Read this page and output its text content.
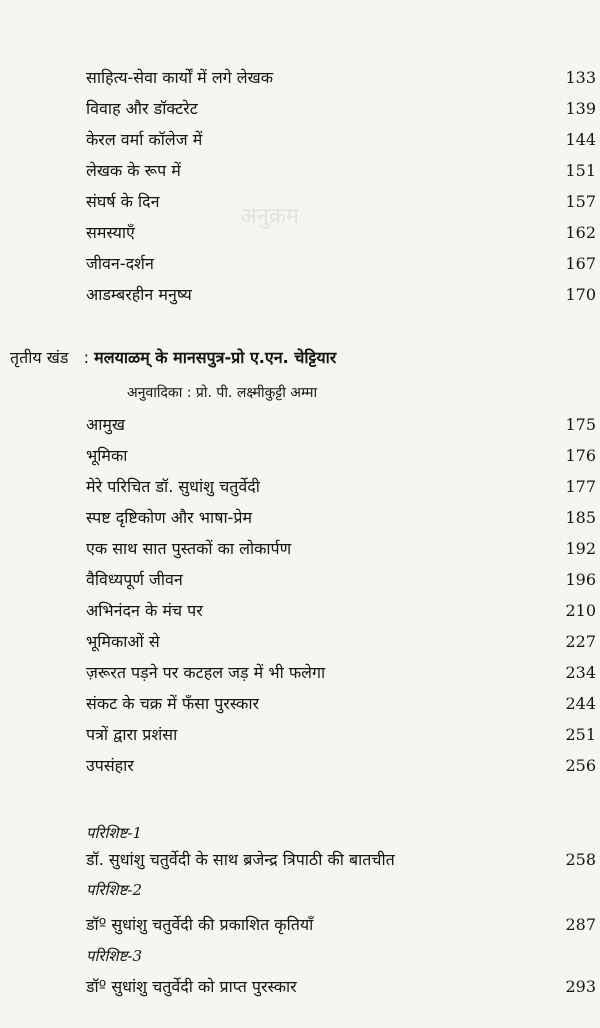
अनुक्रम
साहित्य-सेवा कार्यों में लगे लेखक	133
विवाह और डॉक्टरेट	139
केरल वर्मा कॉलेज में	144
लेखक के रूप में	151
संघर्ष के दिन	157
समस्याएँ	162
जीवन-दर्शन	167
आडम्बरहीन मनुष्य	170
तृतीय खंड : मलयाळम् के मानसपुत्र-प्रो ए.एन. चेट्टियार
अनुवादिका : प्रो. पी. लक्ष्मीकुट्टी अम्मा
आमुख	175
भूमिका	176
मेरे परिचित डॉ. सुधांशु चतुर्वेदी	177
स्पष्ट दृष्टिकोण और भाषा-प्रेम	185
एक साथ सात पुस्तकों का लोकार्पण	192
वैविध्यपूर्ण जीवन	196
अभिनंदन के मंच पर	210
भूमिकाओं से	227
ज़रूरत पड़ने पर कटहल जड़ में भी फलेगा	234
संकट के चक्र में फँसा पुरस्कार	244
पत्रों द्वारा प्रशंसा	251
उपसंहार	256
परिशिष्ट-1
डॉ. सुधांशु चतुर्वेदी के साथ ब्रजेन्द्र त्रिपाठी की बातचीत	258
परिशिष्ट-2
डॉº सुधांशु चतुर्वेदी की प्रकाशित कृतियाँ	287
परिशिष्ट-3
डॉº सुधांशु चतुर्वेदी को प्राप्त पुरस्कार	293
